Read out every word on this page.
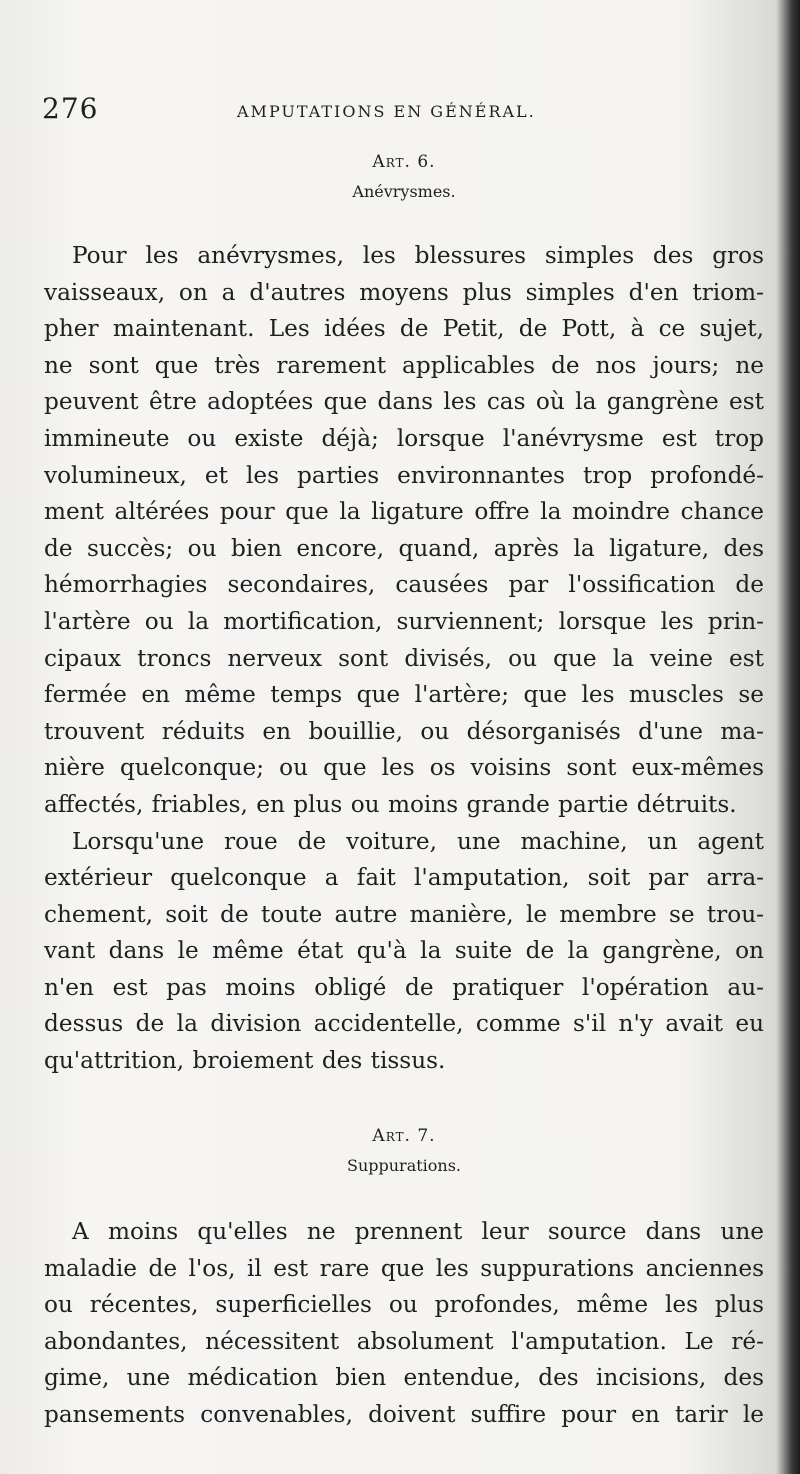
276	AMPUTATIONS EN GÉNÉRAL.

Art. 6.

Anévrysmes.

Pour les anévrysmes, les blessures simples des gros
vaisseaux, on a d'autres moyens plus simples d'en triom-
pher maintenant. Les idées de Petit, de Pott, à ce sujet,
ne sont que très rarement applicables de nos jours; ne
peuvent être adoptées que dans les cas où la gangrène est
immineute ou existe déjà; lorsque l'anévrysme est trop
volumineux, et les parties environnantes trop profondé-
ment altérées pour que la ligature offre la moindre chance
de succès; ou bien encore, quand, après la ligature, des
hémorrhagies secondaires, causées par l'ossification de
l'artère ou la mortification, surviennent; lorsque les prin-
cipaux troncs nerveux sont divisés, ou que la veine est
fermée en même temps que l'artère; que les muscles se
trouvent réduits en bouillie, ou désorganisés d'une ma-
nière quelconque; ou que les os voisins sont eux-mêmes
affectés, friables, en plus ou moins grande partie détruits.

Lorsqu'une roue de voiture, une machine, un agent
extérieur quelconque a fait l'amputation, soit par arra-
chement, soit de toute autre manière, le membre se trou-
vant dans le même état qu'à la suite de la gangrène, on
n'en est pas moins obligé de pratiquer l'opération au-
dessus de la division accidentelle, comme s'il n'y avait eu
qu'attrition, broiement des tissus.

Art. 7.

Suppurations.

A moins qu'elles ne prennent leur source dans une
maladie de l'os, il est rare que les suppurations anciennes
ou récentes, superficielles ou profondes, même les plus
abondantes, nécessitent absolument l'amputation. Le ré-
gime, une médication bien entendue, des incisions, des
pansements convenables, doivent suffire pour en tarir le
